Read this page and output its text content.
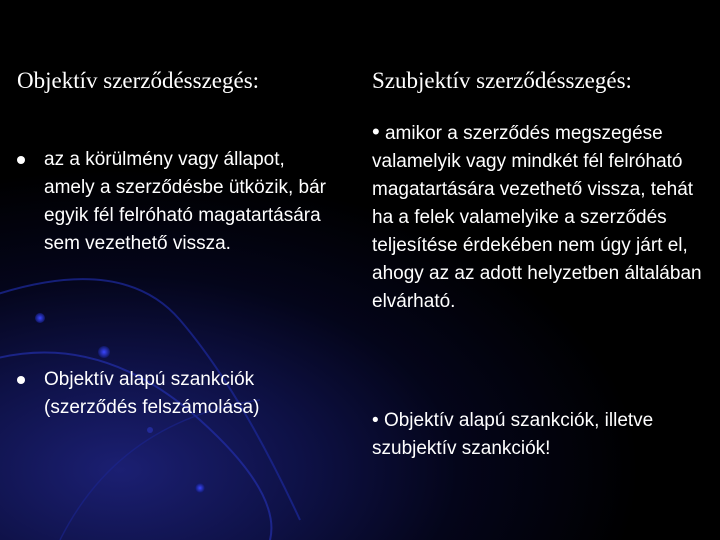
Objektív szerződésszegés:	Szubjektív szerződésszegés:
az a körülmény vagy állapot, amely a szerződésbe ütközik, bár egyik fél felróható magatartására sem vezethető vissza.
Objektív alapú szankciók (szerződés felszámolása)
• amikor a szerződés megszegése valamelyik vagy mindkét fél felróható magatartására vezethető vissza, tehát ha a felek valamelyike a szerződés teljesítése érdekében nem úgy járt el, ahogy az az adott helyzetben általában elvárható.
• Objektív alapú szankciók, illetve szubjektív szankciók!
